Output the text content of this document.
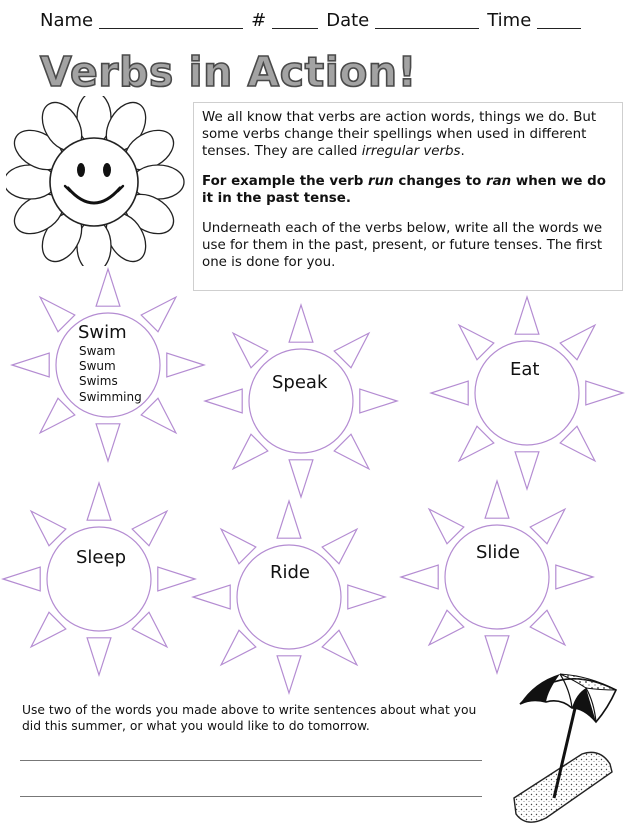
Name	#	Date	Time
Verbs in Action!

We all know that verbs are action words, things we do. But some verbs change their spellings when used in different tenses. They are called irregular verbs.

For example the verb run changes to ran when we do it in the past tense.

Underneath each of the verbs below, write all the words we use for them in the past, present, or future tenses. The first one is done for you.

Swim
Swam
Swum
Swims
Swimming
Speak
Eat
Sleep
Ride
Slide
Use two of the words you made above to write sentences about what you did this summer, or what you would like to do tomorrow.
